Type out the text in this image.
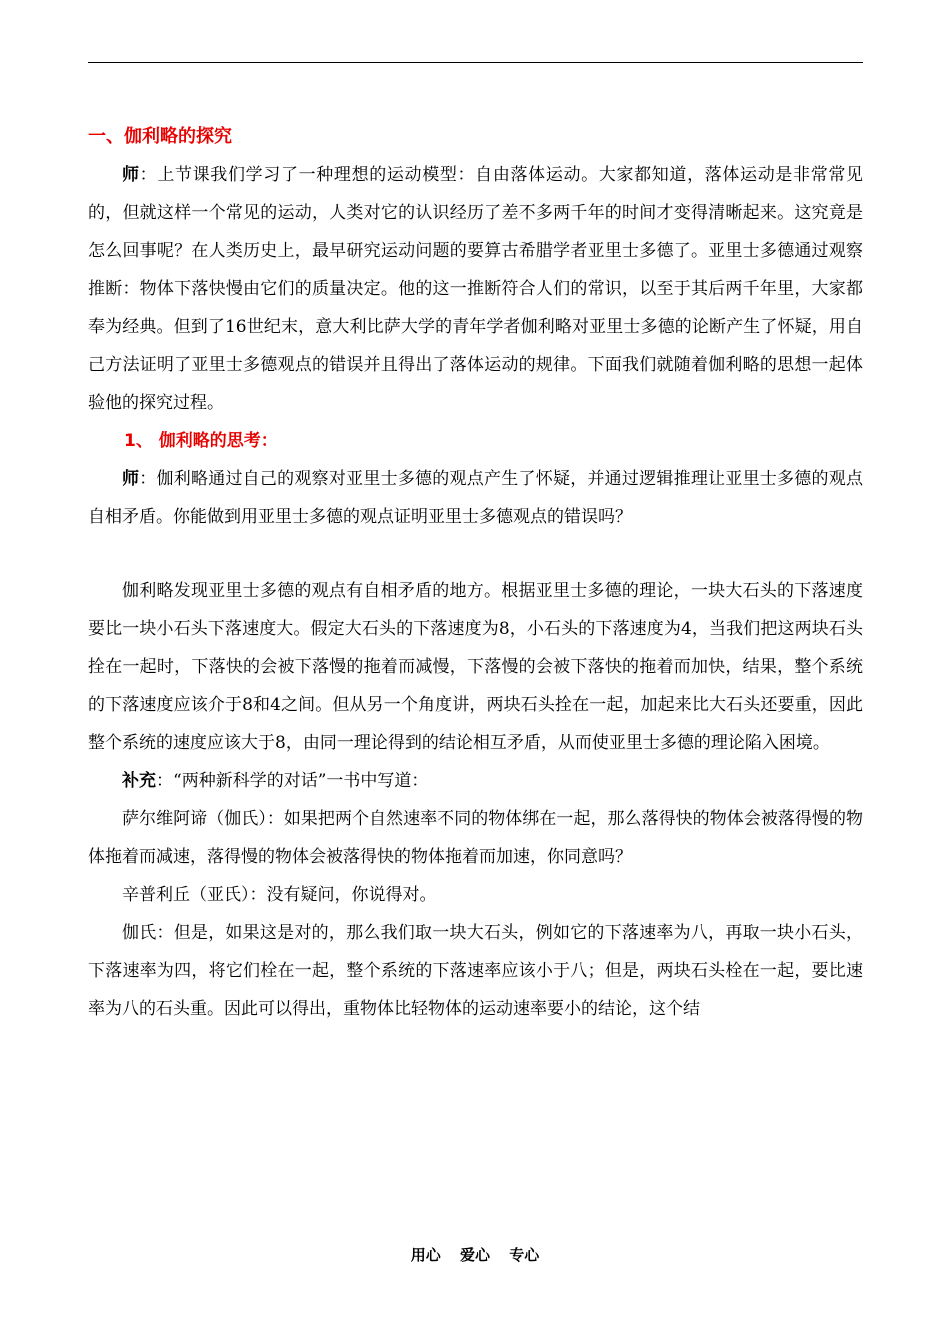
一、伽利略的探究

师：上节课我们学习了一种理想的运动模型：自由落体运动。大家都知道，落体运动是非常常见的，但就这样一个常见的运动，人类对它的认识经历了差不多两千年的时间才变得清晰起来。这究竟是怎么回事呢？在人类历史上，最早研究运动问题的要算古希腊学者亚里士多德了。亚里士多德通过观察推断：物体下落快慢由它们的质量决定。他的这一推断符合人们的常识，以至于其后两千年里，大家都奉为经典。但到了16世纪末，意大利比萨大学的青年学者伽利略对亚里士多德的论断产生了怀疑，用自己方法证明了亚里士多德观点的错误并且得出了落体运动的规律。下面我们就随着伽利略的思想一起体验他的探究过程。

1、 伽利略的思考：

师：伽利略通过自己的观察对亚里士多德的观点产生了怀疑，并通过逻辑推理让亚里士多德的观点自相矛盾。你能做到用亚里士多德的观点证明亚里士多德观点的错误吗？

伽利略发现亚里士多德的观点有自相矛盾的地方。根据亚里士多德的理论，一块大石头的下落速度要比一块小石头下落速度大。假定大石头的下落速度为8，小石头的下落速度为4，当我们把这两块石头拴在一起时，下落快的会被下落慢的拖着而减慢，下落慢的会被下落快的拖着而加快，结果，整个系统的下落速度应该介于8和4之间。但从另一个角度讲，两块石头拴在一起，加起来比大石头还要重，因此整个系统的速度应该大于8，由同一理论得到的结论相互矛盾，从而使亚里士多德的理论陷入困境。

补充：“两种新科学的对话”一书中写道：

萨尔维阿谛（伽氏）：如果把两个自然速率不同的物体绑在一起，那么落得快的物体会被落得慢的物体拖着而减速，落得慢的物体会被落得快的物体拖着而加速，你同意吗？

辛普利丘（亚氏）：没有疑问，你说得对。

伽氏：但是，如果这是对的，那么我们取一块大石头，例如它的下落速率为八，再取一块小石头，下落速率为四，将它们栓在一起，整个系统的下落速率应该小于八；但是，两块石头栓在一起，要比速率为八的石头重。因此可以得出，重物体比轻物体的运动速率要小的结论，这个结

用心 爱心 专心
